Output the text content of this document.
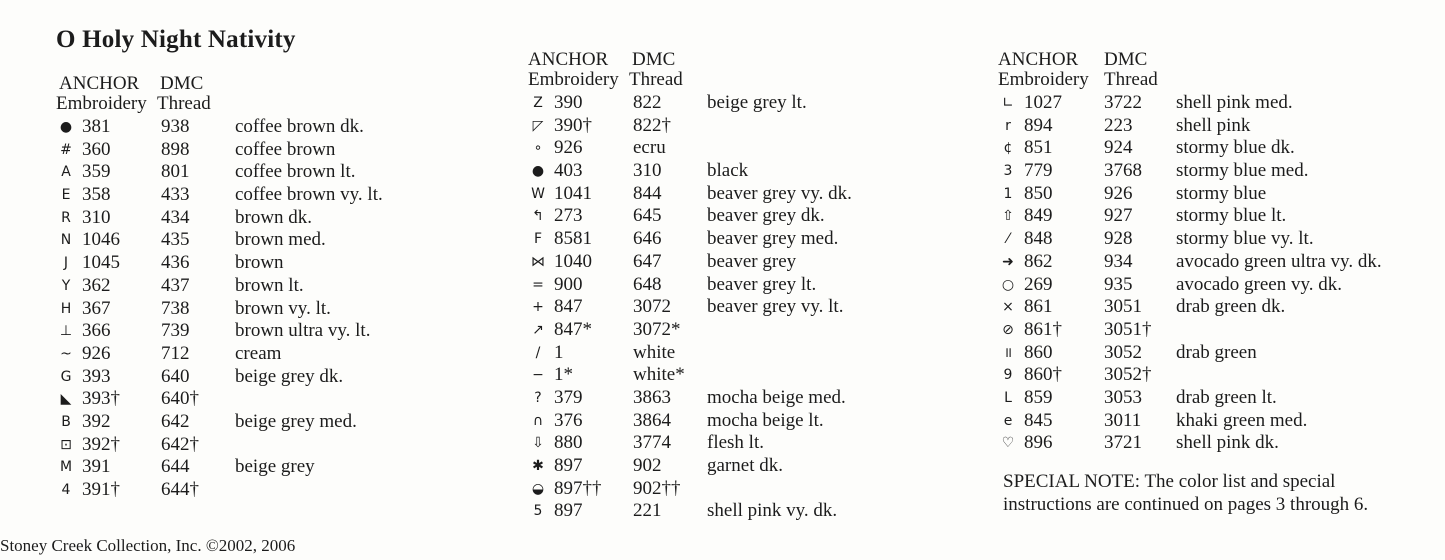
O Holy Night Nativity
ANCHOR DMC
Embroidery Thread
● 381	938 coffee brown dk.
# 360	898 coffee brown
A 359	801 coffee brown lt.
E 358	433 coffee brown vy. lt.
R 310	434 brown dk.
N 1046 435 brown med.
J 1045 436 brown
Y 362	437 brown lt.
H 367	738 brown vy. lt.
⊥ 366	739 brown ultra vy. lt.
~ 926	712 cream
G 393	640 beige grey dk.
◣ 393† 640†
B 392	642 beige grey med.
⊡ 392† 642†
M 391	644 beige grey
4 391† 644†
ANCHOR DMC
Embroidery Thread
Z 390	822 beige grey lt.
◸ 390† 822†
∘ 926	ecru
● 403	310 black
W 1041 844 beaver grey vy. dk.
↰ 273	645 beaver grey dk.
F 8581 646 beaver grey med.
⋈ 1040 647 beaver grey
= 900	648 beaver grey lt.
+ 847	3072 beaver grey vy. lt.
↗ 847* 3072*
/ 1	white
− 1*	white*
? 379	3863 mocha beige med.
∩ 376	3864 mocha beige lt.
⇩ 880	3774 flesh lt.
✱ 897	902 garnet dk.
◒ 897†† 902††
5 897	221 shell pink vy. dk.
ANCHOR DMC
Embroidery Thread
∟ 1027 3722 shell pink med.
r 894	223 shell pink
¢ 851	924 stormy blue dk.
3 779	3768 stormy blue med.
1 850	926 stormy blue
⇧ 849	927 stormy blue lt.
⁄ 848	928 stormy blue vy. lt.
➜ 862	934 avocado green ultra vy. dk.
○ 269	935 avocado green vy. dk.
× 861	3051 drab green dk.
⊘ 861† 3051†
॥ 860	3052 drab green
9 860† 3052†
L 859	3053 drab green lt.
e 845	3011 khaki green med.
♡ 896	3721 shell pink dk.
SPECIAL NOTE: The color list and special instructions are continued on pages 3 through 6.
Stoney Creek Collection, Inc. ©2002, 2006
